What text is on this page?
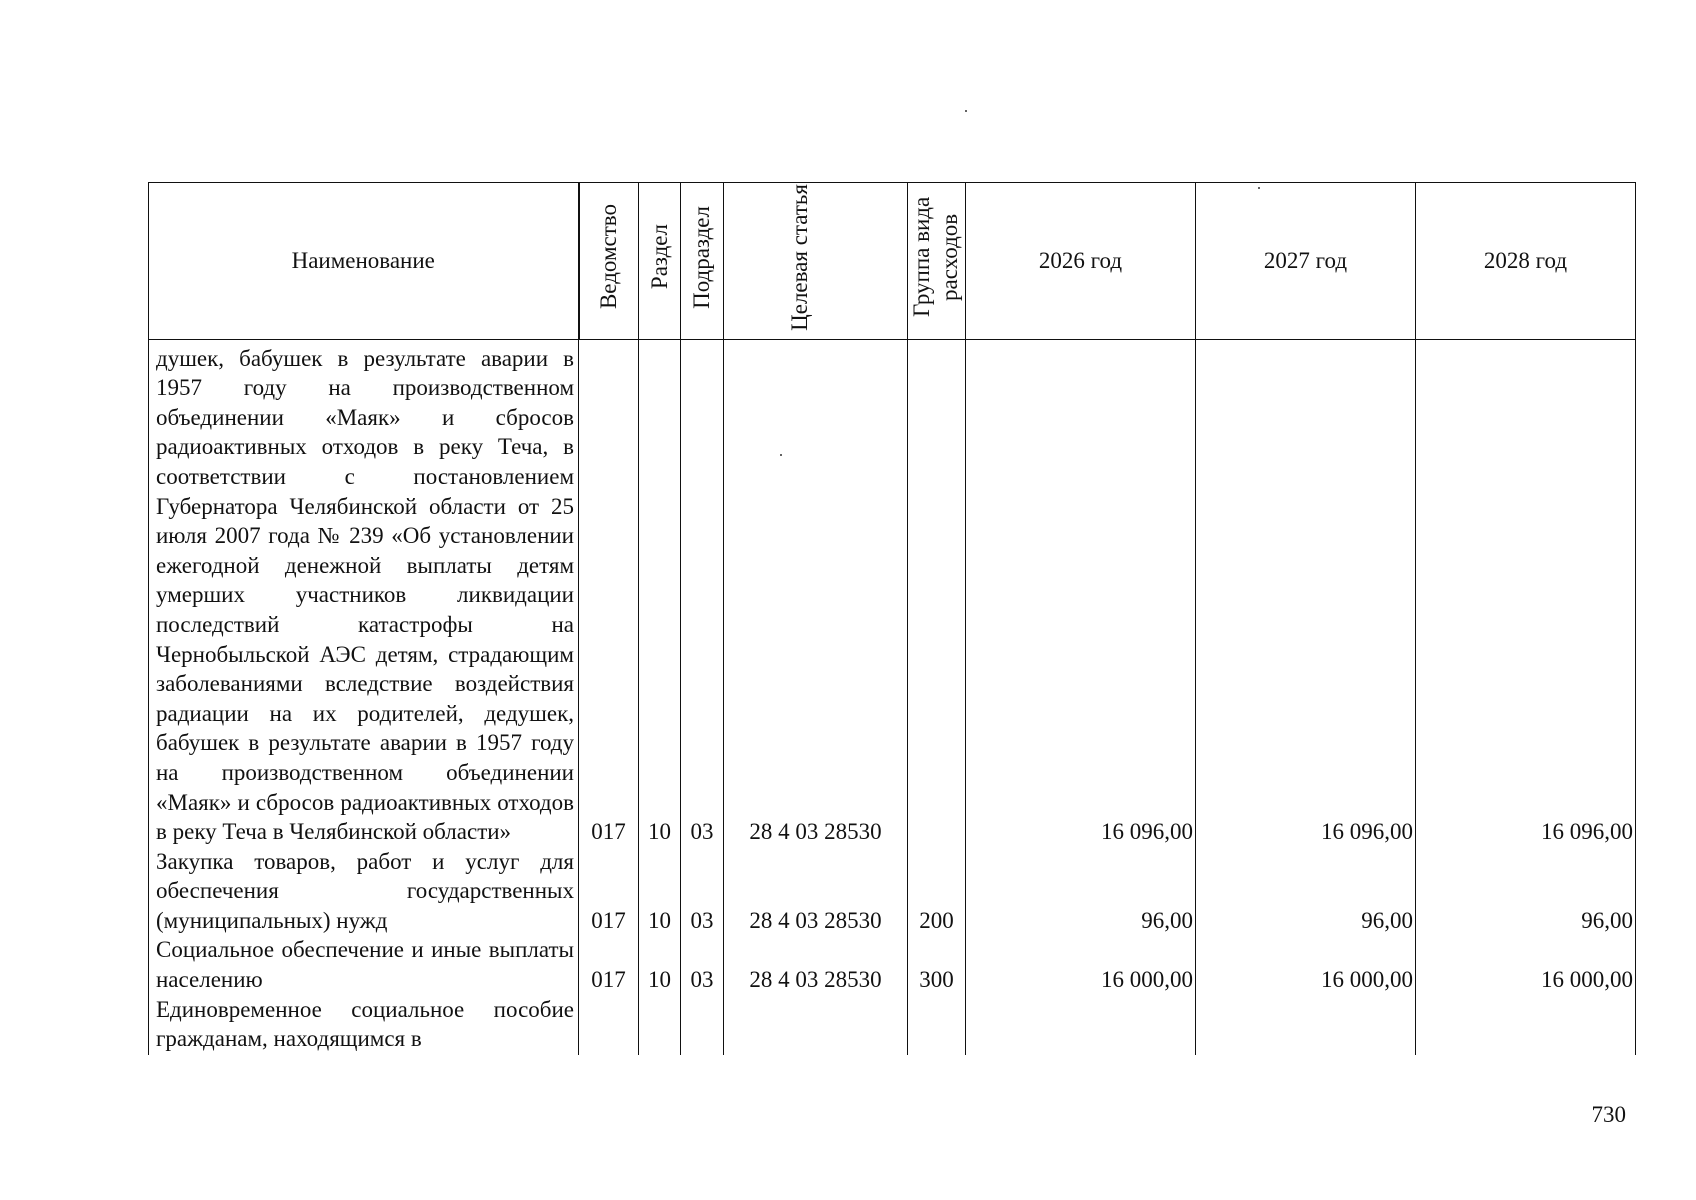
Наименование	Ведомство	Раздел	Подраздел	Целевая статья	Группа вида расходов	2026 год	2027 год	2028 год

душек, бабушек в результате аварии в 1957 году на производственном объединении «Маяк» и сбросов радиоактивных отходов в реку Теча, в соответствии с постановлением Губернатора Челябинской области от 25 июля 2007 года № 239 «Об установлении ежегодной денежной выплаты детям умерших участников ликвидации последствий катастрофы на Чернобыльской АЭС детям, страдающим заболеваниями вследствие воздействия радиации на их родителей, дедушек, бабушек в результате аварии в 1957 году на производственном объединении «Маяк» и сбросов радиоактивных отходов в реку Теча в Челябинской области»	017	10	03	28 4 03 28530		16 096,00	16 096,00	16 096,00

Закупка товаров, работ и услуг для обеспечения государственных (муниципальных) нужд	017	10	03	28 4 03 28530	200	96,00	96,00	96,00

Социальное обеспечение и иные выплаты населению	017	10	03	28 4 03 28530	300	16 000,00	16 000,00	16 000,00

Единовременное социальное пособие гражданам, находящимся в								

730
